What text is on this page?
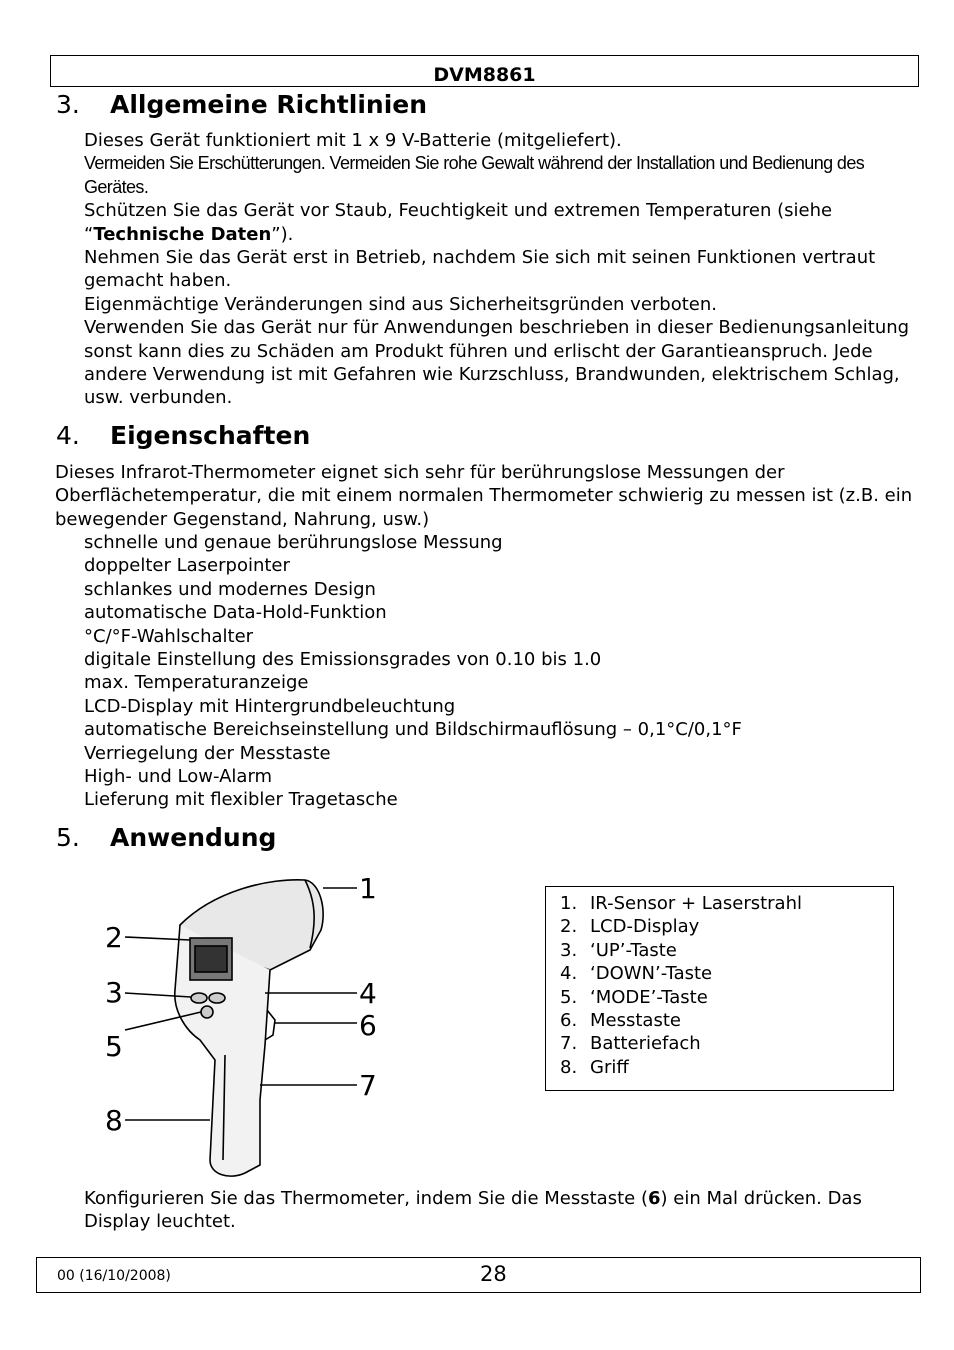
DVM8861
3. Allgemeine Richtlinien

Dieses Gerät funktioniert mit 1 x 9 V-Batterie (mitgeliefert).

Vermeiden Sie Erschütterungen. Vermeiden Sie rohe Gewalt während der Installation und Bedienung des Gerätes.

Schützen Sie das Gerät vor Staub, Feuchtigkeit und extremen Temperaturen (siehe “Technische Daten”).

Nehmen Sie das Gerät erst in Betrieb, nachdem Sie sich mit seinen Funktionen vertraut gemacht haben.

Eigenmächtige Veränderungen sind aus Sicherheitsgründen verboten.

Verwenden Sie das Gerät nur für Anwendungen beschrieben in dieser Bedienungsanleitung sonst kann dies zu Schäden am Produkt führen und erlischt der Garantieanspruch. Jede andere Verwendung ist mit Gefahren wie Kurzschluss, Brandwunden, elektrischem Schlag, usw. verbunden.

4. Eigenschaften

Dieses Infrarot-Thermometer eignet sich sehr für berührungslose Messungen der Oberflächetemperatur, die mit einem normalen Thermometer schwierig zu messen ist (z.B. ein bewegender Gegenstand, Nahrung, usw.)

schnelle und genaue berührungslose Messung
doppelter Laserpointer
schlankes und modernes Design
automatische Data-Hold-Funktion
°C/°F-Wahlschalter
digitale Einstellung des Emissionsgrades von 0.10 bis 1.0
max. Temperaturanzeige
LCD-Display mit Hintergrundbeleuchtung
automatische Bereichseinstellung und Bildschirmauflösung – 0,1°C/0,1°F
Verriegelung der Messtaste
High- und Low-Alarm
Lieferung mit flexibler Tragetasche
5. Anwendung
1
2
3	4
5
6
7
8
1. IR-Sensor + Laserstrahl
2. LCD-Display
3. ‘UP’-Taste
4. ‘DOWN’-Taste
5. ‘MODE’-Taste
6. Messtaste
7. Batteriefach
8. Griff

Konfigurieren Sie das Thermometer, indem Sie die Messtaste (6) ein Mal drücken. Das Display leuchtet.

00 (16/10/2008)	28
